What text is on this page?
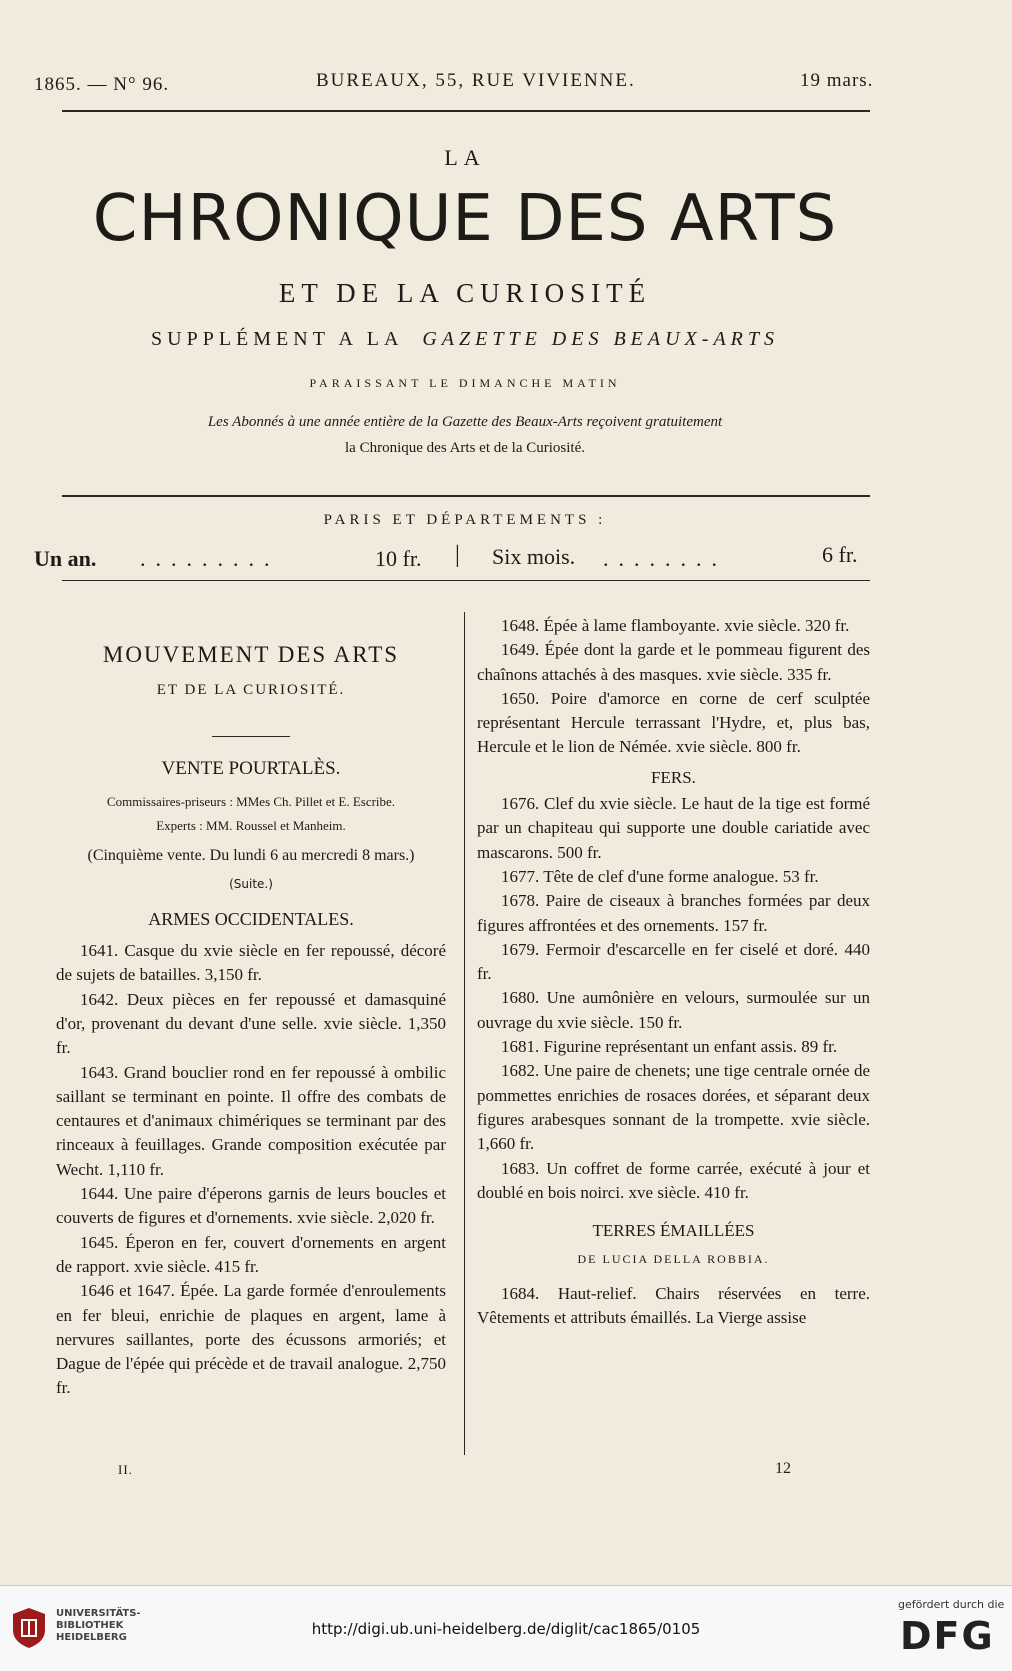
1865. — N° 96.	BUREAUX, 55, RUE VIVIENNE.	19 mars.
LA
CHRONIQUE DES ARTS
ET DE LA CURIOSITÉ
SUPPLÉMENT A LA GAZETTE DES BEAUX-ARTS
PARAISSANT LE DIMANCHE MATIN
Les Abonnés à une année entière de la Gazette des Beaux-Arts reçoivent gratuitement
la Chronique des Arts et de la Curiosité.
PARIS ET DÉPARTEMENTS :
Un an. .........	10 fr. | Six mois. ........	6 fr.
MOUVEMENT DES ARTS
ET DE LA CURIOSITÉ.
VENTE POURTALÈS.
Commissaires-priseurs : MMes Ch. Pillet et E. Escribe.
Experts : MM. Roussel et Manheim.
(Cinquième vente. Du lundi 6 au mercredi 8 mars.)
(Suite.)
ARMES OCCIDENTALES.

1641. Casque du xvie siècle en fer repoussé, décoré de sujets de batailles. 3,150 fr.

1642. Deux pièces en fer repoussé et damasquiné d'or, provenant du devant d'une selle. xvie siècle. 1,350 fr.

1643. Grand bouclier rond en fer repoussé à ombilic saillant se terminant en pointe. Il offre des combats de centaures et d'animaux chimériques se terminant par des rinceaux à feuillages. Grande composition exécutée par Wecht. 1,110 fr.

1644. Une paire d'éperons garnis de leurs boucles et couverts de figures et d'ornements. xvie siècle. 2,020 fr.

1645. Éperon en fer, couvert d'ornements en argent de rapport. xvie siècle. 415 fr.

1646 et 1647. Épée. La garde formée d'enroulements en fer bleui, enrichie de plaques en argent, lame à nervures saillantes, porte des écussons armoriés; et Dague de l'épée qui précède et de travail analogue. 2,750 fr.

II.

1648. Épée à lame flamboyante. xvie siècle. 320 fr.

1649. Épée dont la garde et le pommeau figurent des chaînons attachés à des masques. xvie siècle. 335 fr.

1650. Poire d'amorce en corne de cerf sculptée représentant Hercule terrassant l'Hydre, et, plus bas, Hercule et le lion de Némée. xvie siècle. 800 fr.

FERS.

1676. Clef du xvie siècle. Le haut de la tige est formé par un chapiteau qui supporte une double cariatide avec mascarons. 500 fr.

1677. Tête de clef d'une forme analogue. 53 fr.

1678. Paire de ciseaux à branches formées par deux figures affrontées et des ornements. 157 fr.

1679. Fermoir d'escarcelle en fer ciselé et doré. 440 fr.

1680. Une aumônière en velours, surmoulée sur un ouvrage du xvie siècle. 150 fr.

1681. Figurine représentant un enfant assis. 89 fr.

1682. Une paire de chenets; une tige centrale ornée de pommettes enrichies de rosaces dorées, et séparant deux figures arabesques sonnant de la trompette. xvie siècle. 1,660 fr.

1683. Un coffret de forme carrée, exécuté à jour et doublé en bois noirci. xve siècle. 410 fr.

TERRES ÉMAILLÉES
DE LUCIA DELLA ROBBIA.

1684. Haut-relief. Chairs réservées en terre. Vêtements et attributs émaillés. La Vierge assise

12
UNIVERSITÄTS-
BIBLIOTHEK
HEIDELBERG	http://digi.ub.uni-heidelberg.de/diglit/cac1865/0105
gefördert durch die
DFG
